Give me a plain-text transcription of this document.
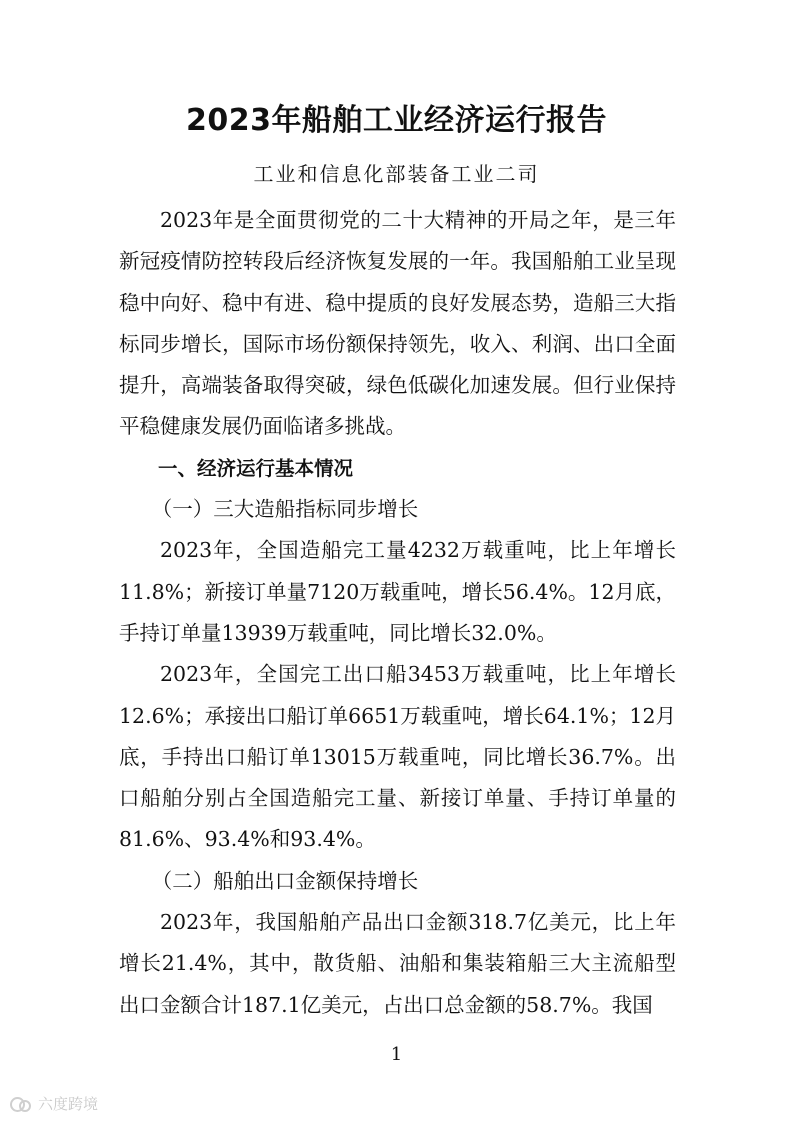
2023年船舶工业经济运行报告
工业和信息化部装备工业二司

2023年是全面贯彻党的二十大精神的开局之年，是三年新冠疫情防控转段后经济恢复发展的一年。我国船舶工业呈现稳中向好、稳中有进、稳中提质的良好发展态势，造船三大指标同步增长，国际市场份额保持领先，收入、利润、出口全面提升，高端装备取得突破，绿色低碳化加速发展。但行业保持平稳健康发展仍面临诸多挑战。

一、经济运行基本情况

（一）三大造船指标同步增长

2023年，全国造船完工量4232万载重吨，比上年增长11.8%；新接订单量7120万载重吨，增长56.4%。12月底，手持订单量13939万载重吨，同比增长32.0%。

2023年，全国完工出口船3453万载重吨，比上年增长12.6%；承接出口船订单6651万载重吨，增长64.1%；12月底，手持出口船订单13015万载重吨，同比增长36.7%。出口船舶分别占全国造船完工量、新接订单量、手持订单量的81.6%、93.4%和93.4%。

（二）船舶出口金额保持增长

2023年，我国船舶产品出口金额318.7亿美元，比上年增长21.4%，其中，散货船、油船和集装箱船三大主流船型出口金额合计187.1亿美元，占出口总金额的58.7%。我国

1
六度跨境
